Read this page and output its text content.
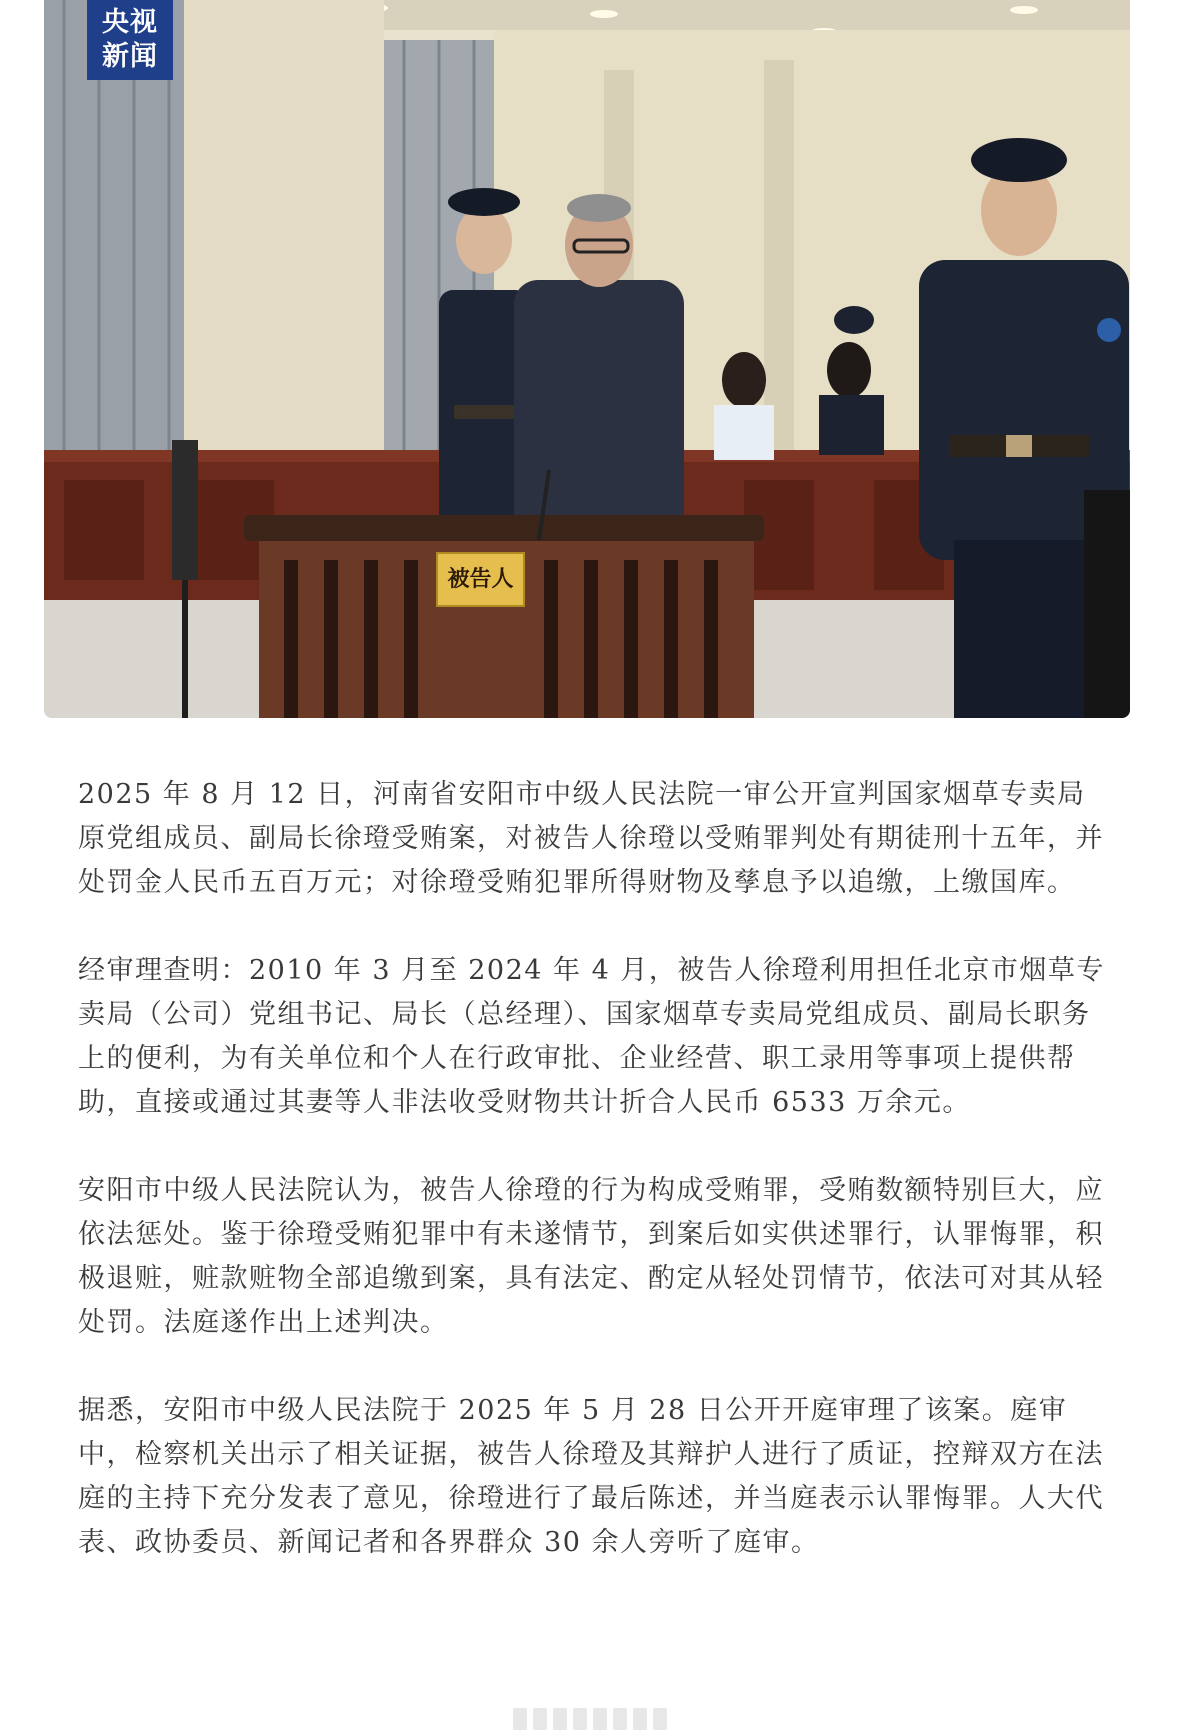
被告人
央视
新闻

2025 年 8 月 12 日，河南省安阳市中级人民法院一审公开宣判国家烟草专卖局原党组成员、副局长徐璒受贿案，对被告人徐璒以受贿罪判处有期徒刑十五年，并处罚金人民币五百万元；对徐璒受贿犯罪所得财物及孳息予以追缴，上缴国库。

经审理查明：2010 年 3 月至 2024 年 4 月，被告人徐璒利用担任北京市烟草专卖局（公司）党组书记、局长（总经理）、国家烟草专卖局党组成员、副局长职务上的便利，为有关单位和个人在行政审批、企业经营、职工录用等事项上提供帮助，直接或通过其妻等人非法收受财物共计折合人民币 6533 万余元。

安阳市中级人民法院认为，被告人徐璒的行为构成受贿罪，受贿数额特别巨大，应依法惩处。鉴于徐璒受贿犯罪中有未遂情节，到案后如实供述罪行，认罪悔罪，积极退赃，赃款赃物全部追缴到案，具有法定、酌定从轻处罚情节，依法可对其从轻处罚。法庭遂作出上述判决。

据悉，安阳市中级人民法院于 2025 年 5 月 28 日公开开庭审理了该案。庭审中，检察机关出示了相关证据，被告人徐璒及其辩护人进行了质证，控辩双方在法庭的主持下充分发表了意见，徐璒进行了最后陈述，并当庭表示认罪悔罪。人大代表、政协委员、新闻记者和各界群众 30 余人旁听了庭审。
